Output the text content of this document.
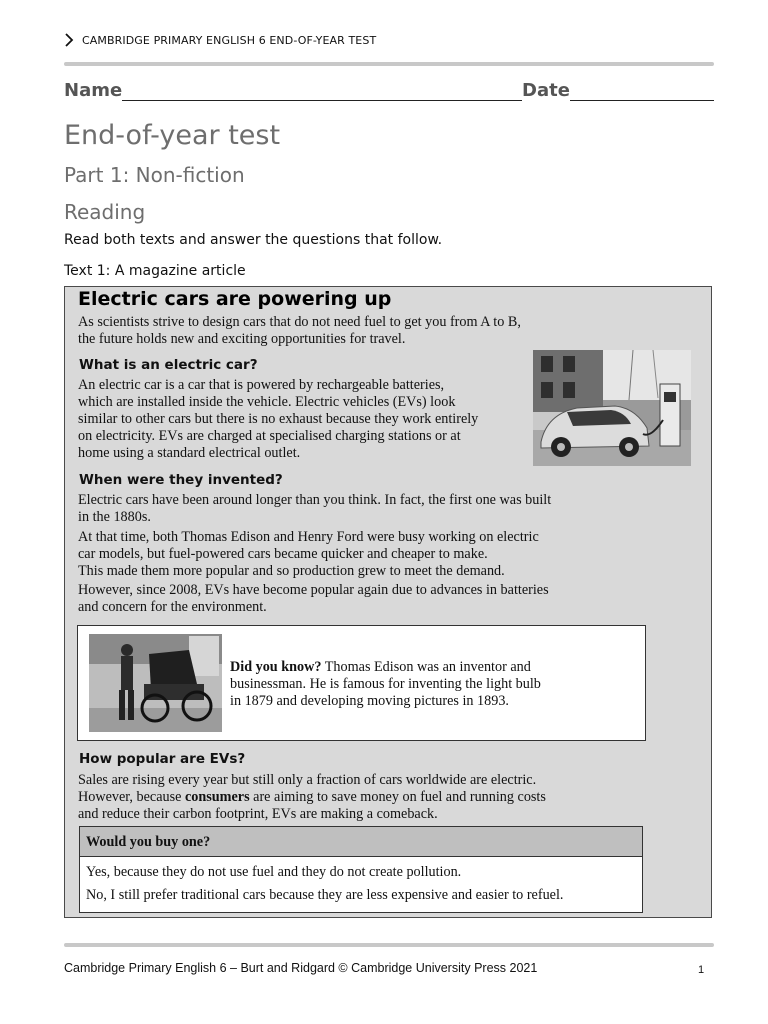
CAMBRIDGE PRIMARY ENGLISH 6 END-OF-YEAR TEST
Name	Date
End-of-year test
Part 1: Non-fiction
Reading
Read both texts and answer the questions that follow.
Text 1: A magazine article
Electric cars are powering up

As scientists strive to design cars that do not need fuel to get you from A to B,

the future holds new and exciting opportunities for travel.

What is an electric car?

An electric car is a car that is powered by rechargeable batteries,

which are installed inside the vehicle. Electric vehicles (EVs) look

similar to other cars but there is no exhaust because they work entirely

on electricity. EVs are charged at specialised charging stations or at

home using a standard electrical outlet.

When were they invented?

Electric cars have been around longer than you think. In fact, the first one was built

in the 1880s.

At that time, both Thomas Edison and Henry Ford were busy working on electric

car models, but fuel-powered cars became quicker and cheaper to make.

This made them more popular and so production grew to meet the demand.

However, since 2008, EVs have become popular again due to advances in batteries

and concern for the environment.

Did you know? Thomas Edison was an inventor and

businessman. He is famous for inventing the light bulb

in 1879 and developing moving pictures in 1893.

How popular are EVs?

Sales are rising every year but still only a fraction of cars worldwide are electric.

However, because consumers are aiming to save money on fuel and running costs

and reduce their carbon footprint, EVs are making a comeback.

Would you buy one?
Yes, because they do not use fuel and they do not create pollution.
No, I still prefer traditional cars because they are less expensive and easier to refuel.
Cambridge Primary English 6 – Burt and Ridgard © Cambridge University Press 2021	1
